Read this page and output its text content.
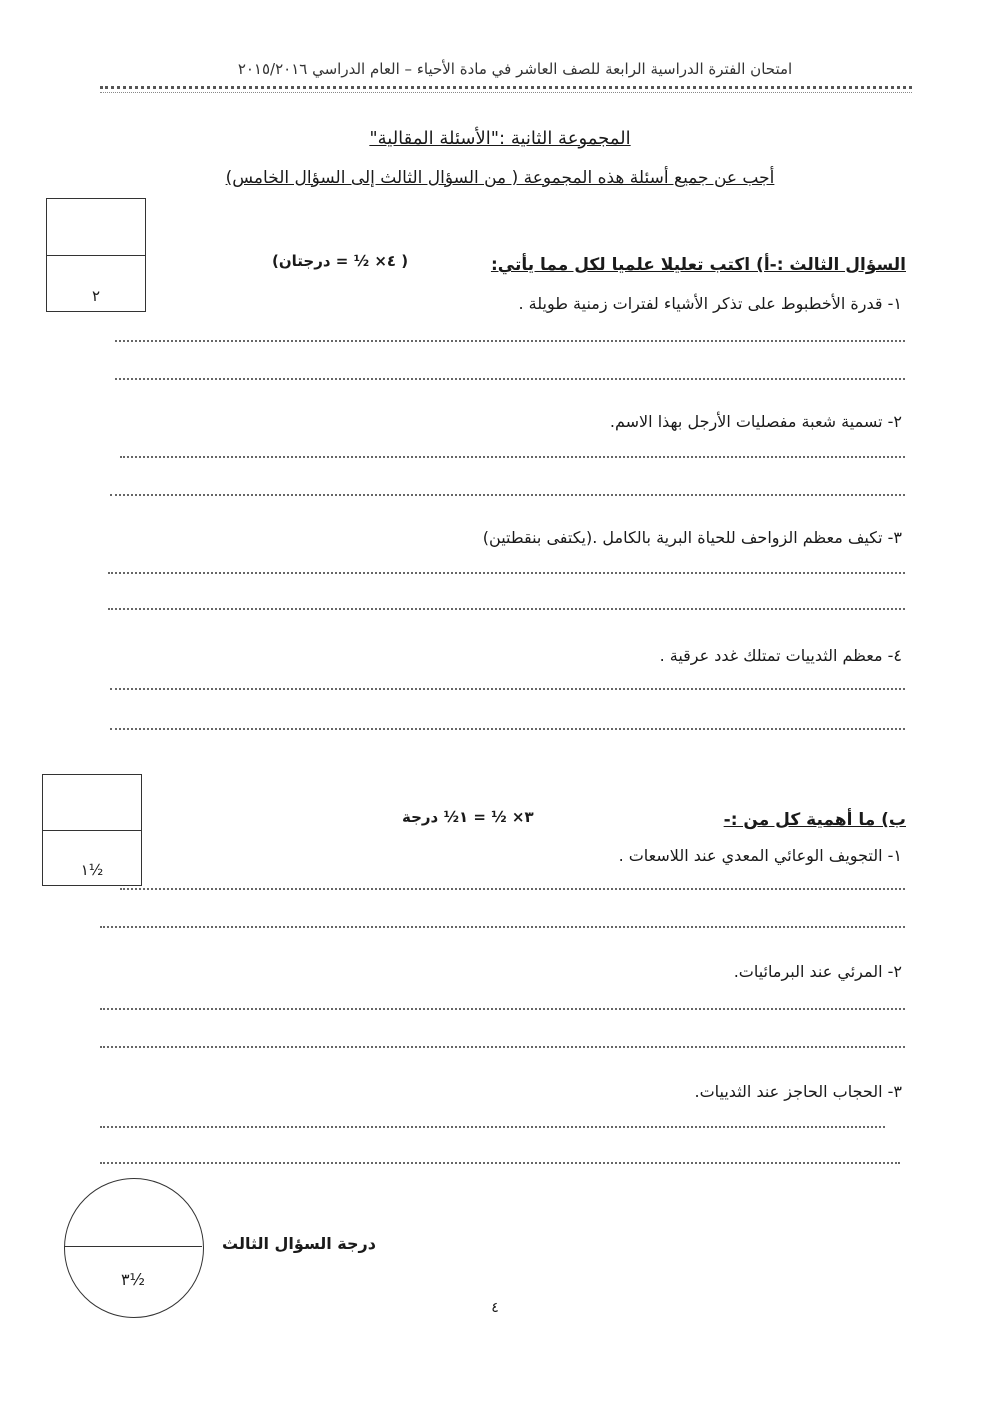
امتحان الفترة الدراسية الرابعة للصف العاشر في مادة الأحياء – العام الدراسي ٢٠١٥/٢٠١٦
المجموعة الثانية :"الأسئلة المقالية"
أجب عن جميع أسئلة هذه المجموعة ( من السؤال الثالث إلى السؤال الخامس)
٢
السؤال الثالث :-أ) اكتب تعليلا علميا لكل مما يأتي:
( ٤× ½ = درجتان)
١- قدرة الأخطبوط على تذكر الأشياء لفترات زمنية طويلة .
٢- تسمية شعبة مفصليات الأرجل بهذا الاسم.
٣- تكيف معظم الزواحف للحياة البرية بالكامل .(يكتفى بنقطتين)
٤- معظم الثدييات تمتلك غدد عرقية .
١½
ب) ما أهمية كل من :-
٣× ½ = ١½ درجة
١- التجويف الوعائي المعدي عند اللاسعات .
٢- المرئي عند البرمائيات.
٣- الحجاب الحاجز عند الثدييات.
٣½
درجة السؤال الثالث
٤
